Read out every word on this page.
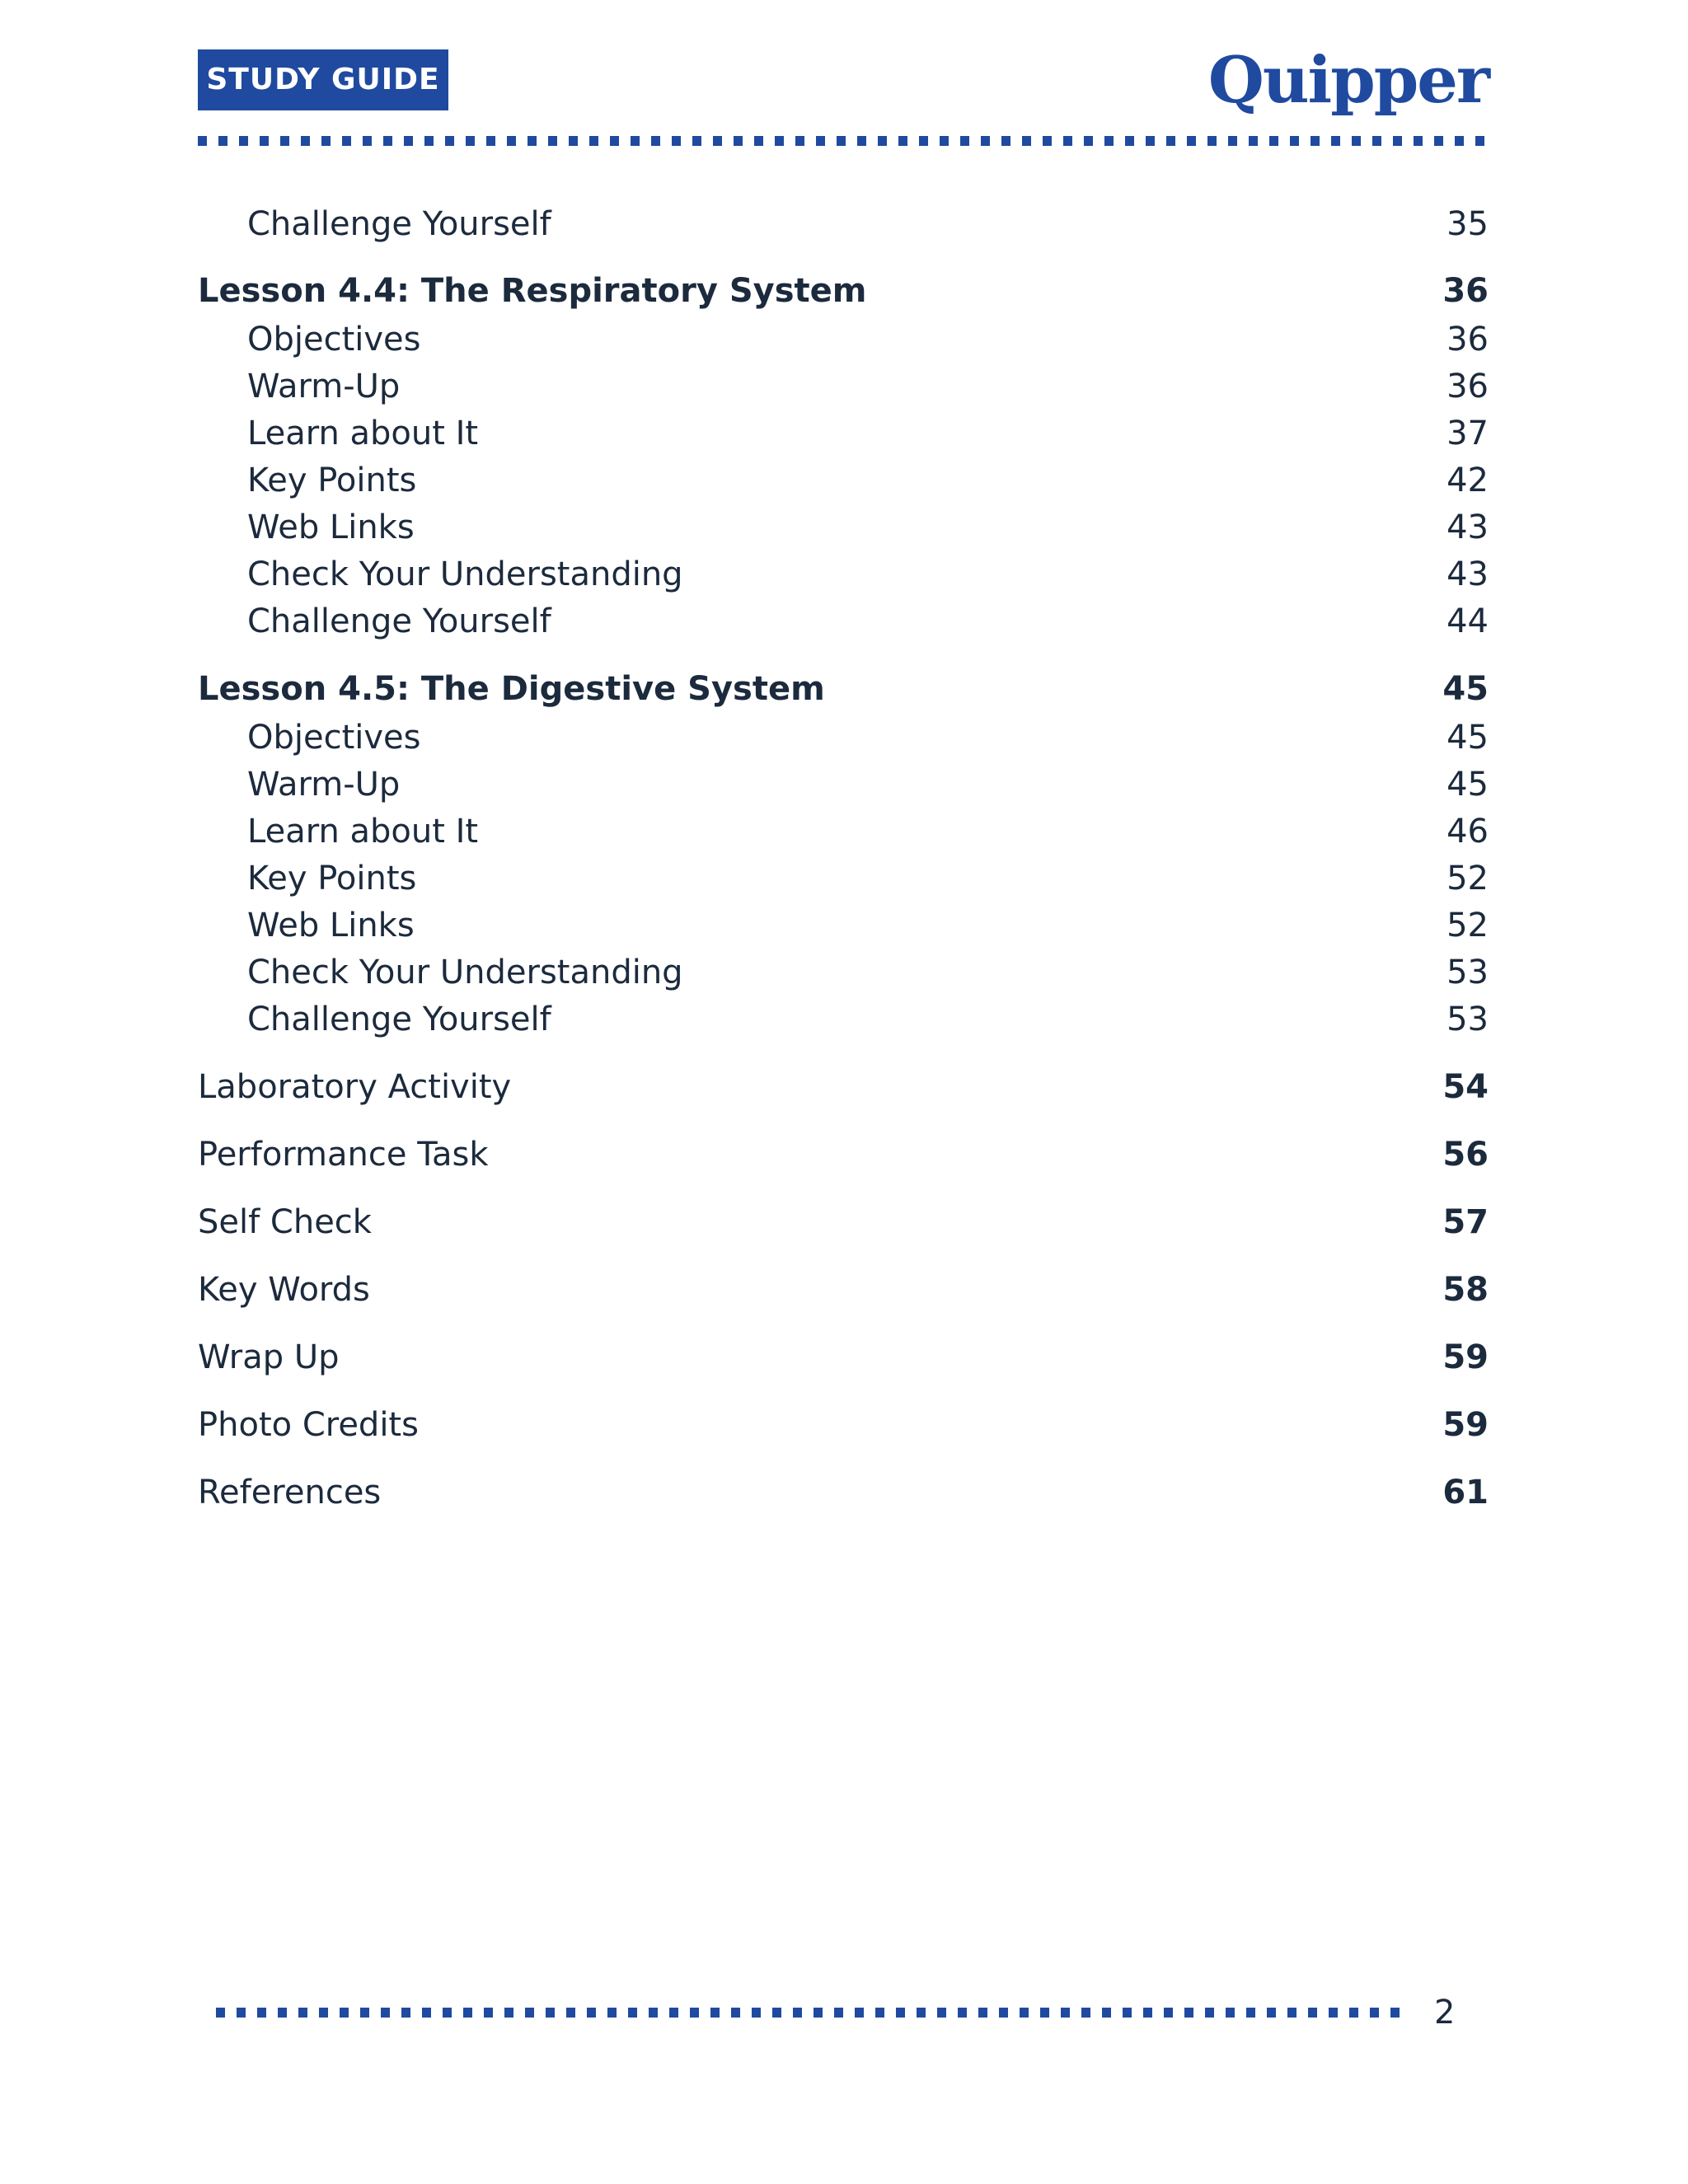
STUDY GUIDE	Quipper
Challenge Yourself	35
Lesson 4.4: The Respiratory System	36
Objectives	36
Warm-Up	36
Learn about It	37
Key Points	42
Web Links	43
Check Your Understanding	43
Challenge Yourself	44
Lesson 4.5: The Digestive System	45
Objectives	45
Warm-Up	45
Learn about It	46
Key Points	52
Web Links	52
Check Your Understanding	53
Challenge Yourself	53
Laboratory Activity	54
Performance Task	56
Self Check	57
Key Words	58
Wrap Up	59
Photo Credits	59
References	61
2
